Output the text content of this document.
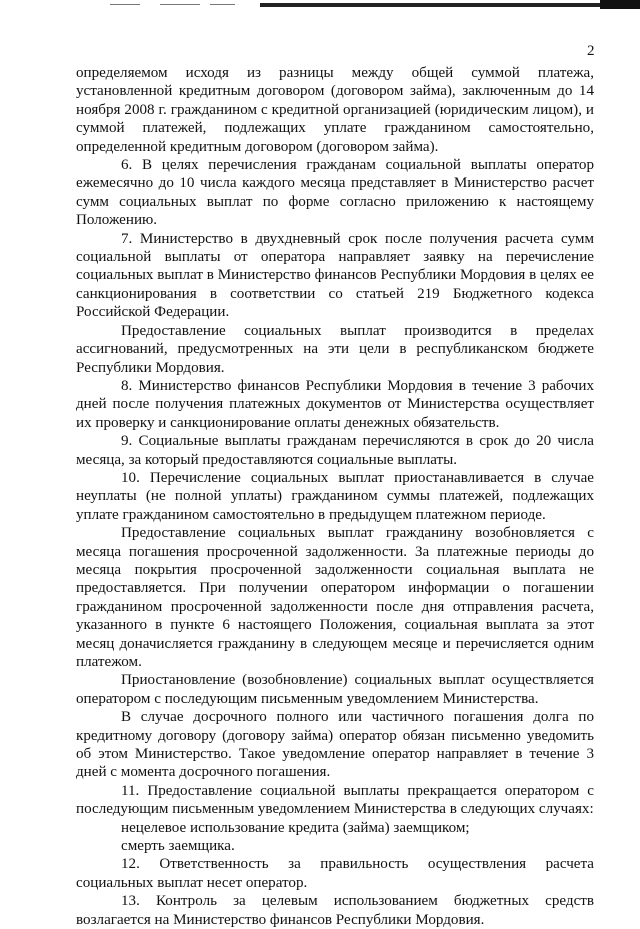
2

определяемом исходя из разницы между общей суммой платежа, установленной кредитным договором (договором займа), заключенным до 14 ноября 2008 г. гражданином с кредитной организацией (юридическим лицом), и суммой платежей, подлежащих уплате гражданином самостоятельно, определенной кредитным договором (договором займа).

6. В целях перечисления гражданам социальной выплаты оператор ежемесячно до 10 числа каждого месяца представляет в Министерство расчет сумм социальных выплат по форме согласно приложению к настоящему Положению.

7. Министерство в двухдневный срок после получения расчета сумм социальной выплаты от оператора направляет заявку на перечисление социальных выплат в Министерство финансов Республики Мордовия в целях ее санкционирования в соответствии со статьей 219 Бюджетного кодекса Российской Федерации.

Предоставление социальных выплат производится в пределах ассигнований, предусмотренных на эти цели в республиканском бюджете Республики Мордовия.

8. Министерство финансов Республики Мордовия в течение 3 рабочих дней после получения платежных документов от Министерства осуществляет их проверку и санкционирование оплаты денежных обязательств.

9. Социальные выплаты гражданам перечисляются в срок до 20 числа месяца, за который предоставляются социальные выплаты.

10. Перечисление социальных выплат приостанавливается в случае неуплаты (не полной уплаты) гражданином суммы платежей, подлежащих уплате гражданином самостоятельно в предыдущем платежном периоде.

Предоставление социальных выплат гражданину возобновляется с месяца погашения просроченной задолженности. За платежные периоды до месяца покрытия просроченной задолженности социальная выплата не предоставляется. При получении оператором информации о погашении гражданином просроченной задолженности после дня отправления расчета, указанного в пункте 6 настоящего Положения, социальная выплата за этот месяц доначисляется гражданину в следующем месяце и перечисляется одним платежом.

Приостановление (возобновление) социальных выплат осуществляется оператором с последующим письменным уведомлением Министерства.

В случае досрочного полного или частичного погашения долга по кредитному договору (договору займа) оператор обязан письменно уведомить об этом Министерство. Такое уведомление оператор направляет в течение 3 дней с момента досрочного погашения.

11. Предоставление социальной выплаты прекращается оператором с последующим письменным уведомлением Министерства в следующих случаях:

нецелевое использование кредита (займа) заемщиком;

смерть заемщика.

12. Ответственность за правильность осуществления расчета социальных выплат несет оператор.

13. Контроль за целевым использованием бюджетных средств возлагается на Министерство финансов Республики Мордовия.
